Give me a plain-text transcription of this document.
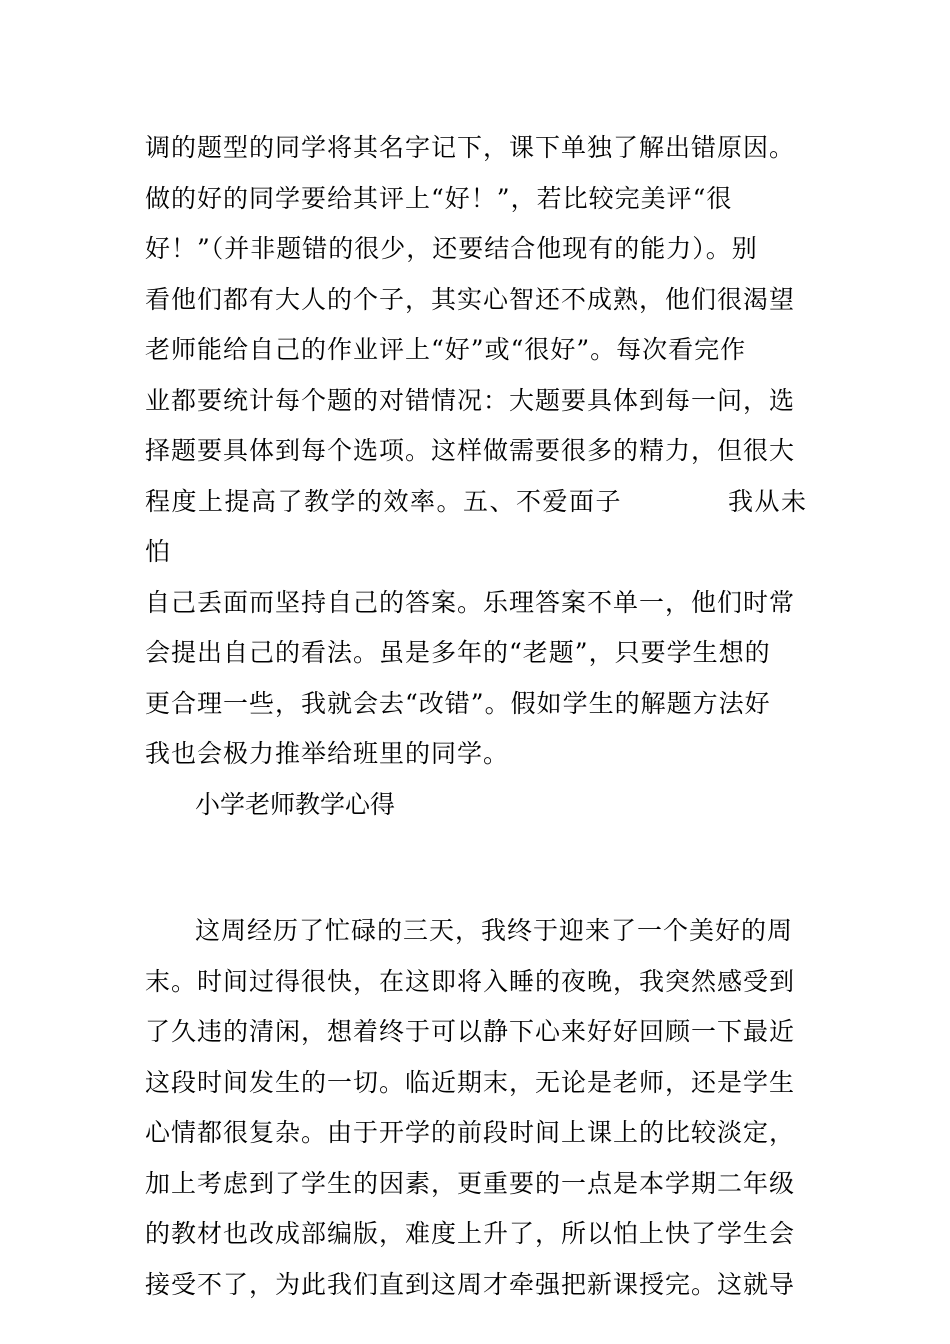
调的题型的同学将其名字记下，课下单独了解出错原因。

做的好的同学要给其评上“好！”，若比较完美评“很

好！”（并非题错的很少，还要结合他现有的能力）。别

看他们都有大人的个子，其实心智还不成熟，他们很渴望

老师能给自己的作业评上“好”或“很好”。每次看完作

业都要统计每个题的对错情况：大题要具体到每一问，选

择题要具体到每个选项。这样做需要很多的精力，但很大

程度上提高了教学的效率。五、不爱面子　　　　我从未怕

自己丢面而坚持自己的答案。乐理答案不单一，他们时常

会提出自己的看法。虽是多年的“老题”，只要学生想的

更合理一些，我就会去“改错”。假如学生的解题方法好

我也会极力推举给班里的同学。

小学老师教学心得

这周经历了忙碌的三天，我终于迎来了一个美好的周

末。时间过得很快，在这即将入睡的夜晚，我突然感受到

了久违的清闲，想着终于可以静下心来好好回顾一下最近

这段时间发生的一切。临近期末，无论是老师，还是学生

心情都很复杂。由于开学的前段时间上课上的比较淡定，

加上考虑到了学生的因素，更重要的一点是本学期二年级

的教材也改成部编版，难度上升了，所以怕上快了学生会

接受不了，为此我们直到这周才牵强把新课授完。这就导
